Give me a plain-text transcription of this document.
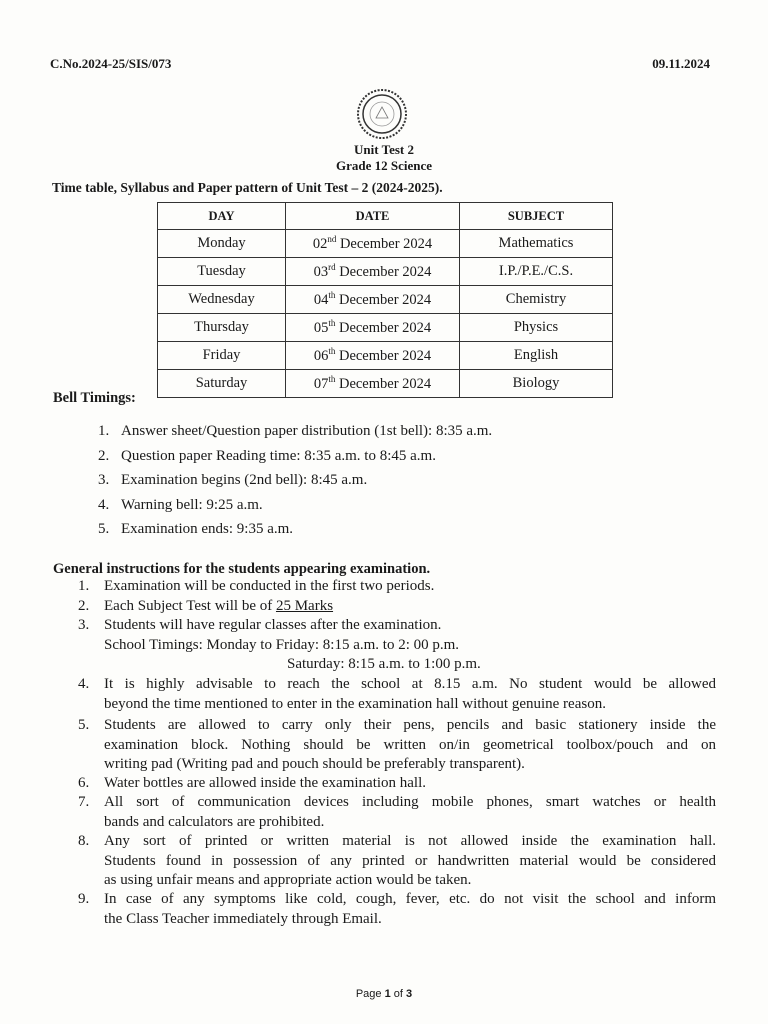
C.No.2024-25/SIS/073	09.11.2024
Unit Test 2
Grade 12 Science
Time table, Syllabus and Paper pattern of Unit Test – 2 (2024-2025).
DAY	DATE	SUBJECT
Monday	02nd December 2024	Mathematics
Tuesday	03rd December 2024	I.P./P.E./C.S.
Wednesday	04th December 2024	Chemistry
Thursday	05th December 2024	Physics
Friday	06th December 2024	English
Saturday	07th December 2024	Biology
Bell Timings:
1. Answer sheet/Question paper distribution (1st bell): 8:35 a.m.
2. Question paper Reading time: 8:35 a.m. to 8:45 a.m.
3. Examination begins (2nd bell): 8:45 a.m.
4. Warning bell: 9:25 a.m.
5. Examination ends: 9:35 a.m.
General instructions for the students appearing examination.
1. Examination will be conducted in the first two periods.
2. Each Subject Test will be of 25 Marks
3. Students will have regular classes after the examination.
School Timings: Monday to Friday: 8:15 a.m. to 2: 00 p.m.
Saturday: 8:15 a.m. to 1:00 p.m.
4. It is highly advisable to reach the school at 8.15 a.m. No student would be allowed
beyond the time mentioned to enter in the examination hall without genuine reason.
5. Students are allowed to carry only their pens, pencils and basic stationery inside the
examination block. Nothing should be written on/in geometrical toolbox/pouch and on
writing pad (Writing pad and pouch should be preferably transparent).
6. Water bottles are allowed inside the examination hall.
7. All sort of communication devices including mobile phones, smart watches or health
bands and calculators are prohibited.
8. Any sort of printed or written material is not allowed inside the examination hall.
Students found in possession of any printed or handwritten material would be considered
as using unfair means and appropriate action would be taken.
9. In case of any symptoms like cold, cough, fever, etc. do not visit the school and inform
the Class Teacher immediately through Email.
Page 1 of 3
